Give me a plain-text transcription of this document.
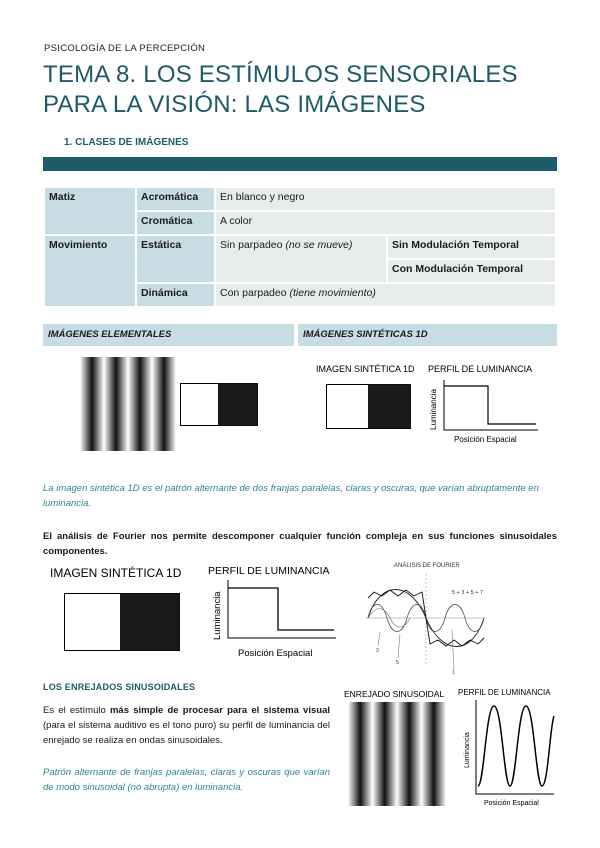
PSICOLOGÍA DE LA PERCEPCIÓN
TEMA 8. LOS ESTÍMULOS SENSORIALES PARA LA VISIÓN: LAS IMÁGENES
1. CLASES DE IMÁGENES
Matiz	Acromática	En blanco y negro	
	Cromática	A color	
Movimiento	Estática	Sin parpadeo (no se mueve)	Sin Modulación Temporal
			Con Modulación Temporal
	Dinámica	Con parpadeo (tiene movimiento)	
IMÁGENES ELEMENTALES	IMÁGENES SINTÉTICAS 1D
IMAGEN SINTÉTICA 1D PERFIL DE LUMINANCIA
Luminancia
Posición Espacial
La imagen sintética 1D es el patrón alternante de dos franjas paralelas, claras y oscuras, que varían abruptamente en luminancia.
El análisis de Fourier nos permite descomponer cualquier función compleja en sus funciones sinusoidales componentes.
IMAGEN SINTÉTICA 1D	PERFIL DE LUMINANCIA
Luminancia
Posición Espacial
ANÁLISIS DE FOURIER
5 + 3 + 5 + 7
3
5
1
LOS ENREJADOS SINUSOIDALES
Es el estímulo más simple de procesar para el sistema visual (para el sistema auditivo es el tono puro) su perfil de luminancia del enrejado se realiza en ondas sinusoidales.
Patrón alternante de franjas paralelas, claras y oscuras que varían de modo sinusoidal (no abrupta) en luminancia.
ENREJADO SINUSOIDAL PERFIL DE LUMINANCIA
Luminancia
Posición Espacial
